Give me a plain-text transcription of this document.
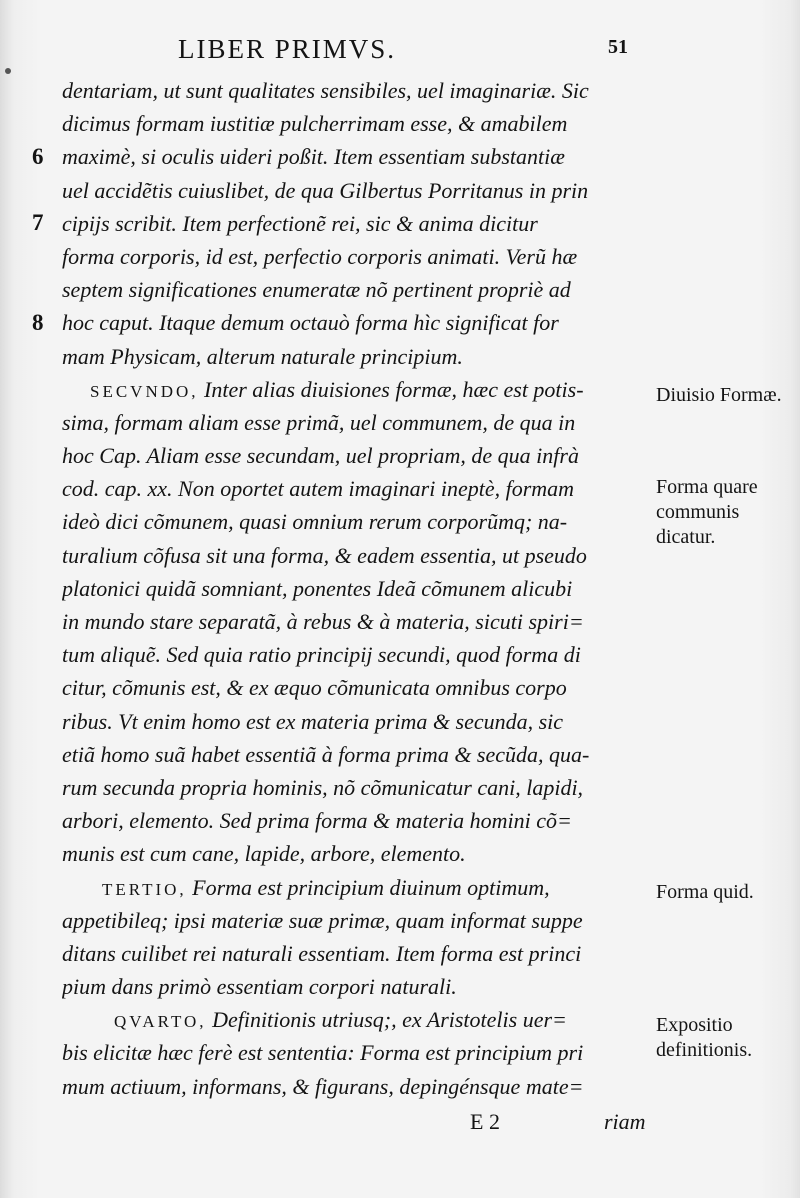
LIBER PRIMVS.	51
dentariam, ut sunt qualitates sensibiles, uel imaginariæ. Sic
dicimus formam iustitiæ pulcherrimam esse, & amabilem
maximè, si oculis uideri poßit. Item essentiam substantiæ
uel accidẽtis cuiuslibet, de qua Gilbertus Porritanus in prin
cipijs scribit. Item perfectionẽ rei, sic & anima dicitur
forma corporis, id est, perfectio corporis animati. Verũ hæ
septem significationes enumeratæ nõ pertinent propriè ad
hoc caput. Itaque demum octauò forma hìc significat for
mam Physicam, alterum naturale principium.
SECVNDO, Inter alias diuisiones formæ, hæc est potis-
sima, formam aliam esse primã, uel communem, de qua in
hoc Cap. Aliam esse secundam, uel propriam, de qua infrà
cod. cap. xx. Non oportet autem imaginari ineptè, formam
ideò dici cõmunem, quasi omnium rerum corporũmq; na-
turalium cõfusa sit una forma, & eadem essentia, ut pseudo
platonici quidã somniant, ponentes Ideã cõmunem alicubi
in mundo stare separatã, à rebus & à materia, sicuti spiri=
tum aliquẽ. Sed quia ratio principij secundi, quod forma di
citur, cõmunis est, & ex æquo cõmunicata omnibus corpo
ribus. Vt enim homo est ex materia prima & secunda, sic
etiã homo suã habet essentiã à forma prima & secũda, qua-
rum secunda propria hominis, nõ cõmunicatur cani, lapidi,
arbori, elemento. Sed prima forma & materia homini cõ=
munis est cum cane, lapide, arbore, elemento.
TERTIO, Forma est principium diuinum optimum,
appetibileq; ipsi materiæ suæ primæ, quam informat suppe
ditans cuilibet rei naturali essentiam. Item forma est princi
pium dans primò essentiam corpori naturali.
QVARTO, Definitionis utriusq;, ex Aristotelis uer=
bis elicitæ hæc ferè est sententia: Forma est principium pri
mum actiuum, informans, & figurans, depingénsque mate=
6
7
8
Diuisio Formæ.
Forma quare communis dicatur.
Forma quid.
Expositio definitionis.
E 2	riam
